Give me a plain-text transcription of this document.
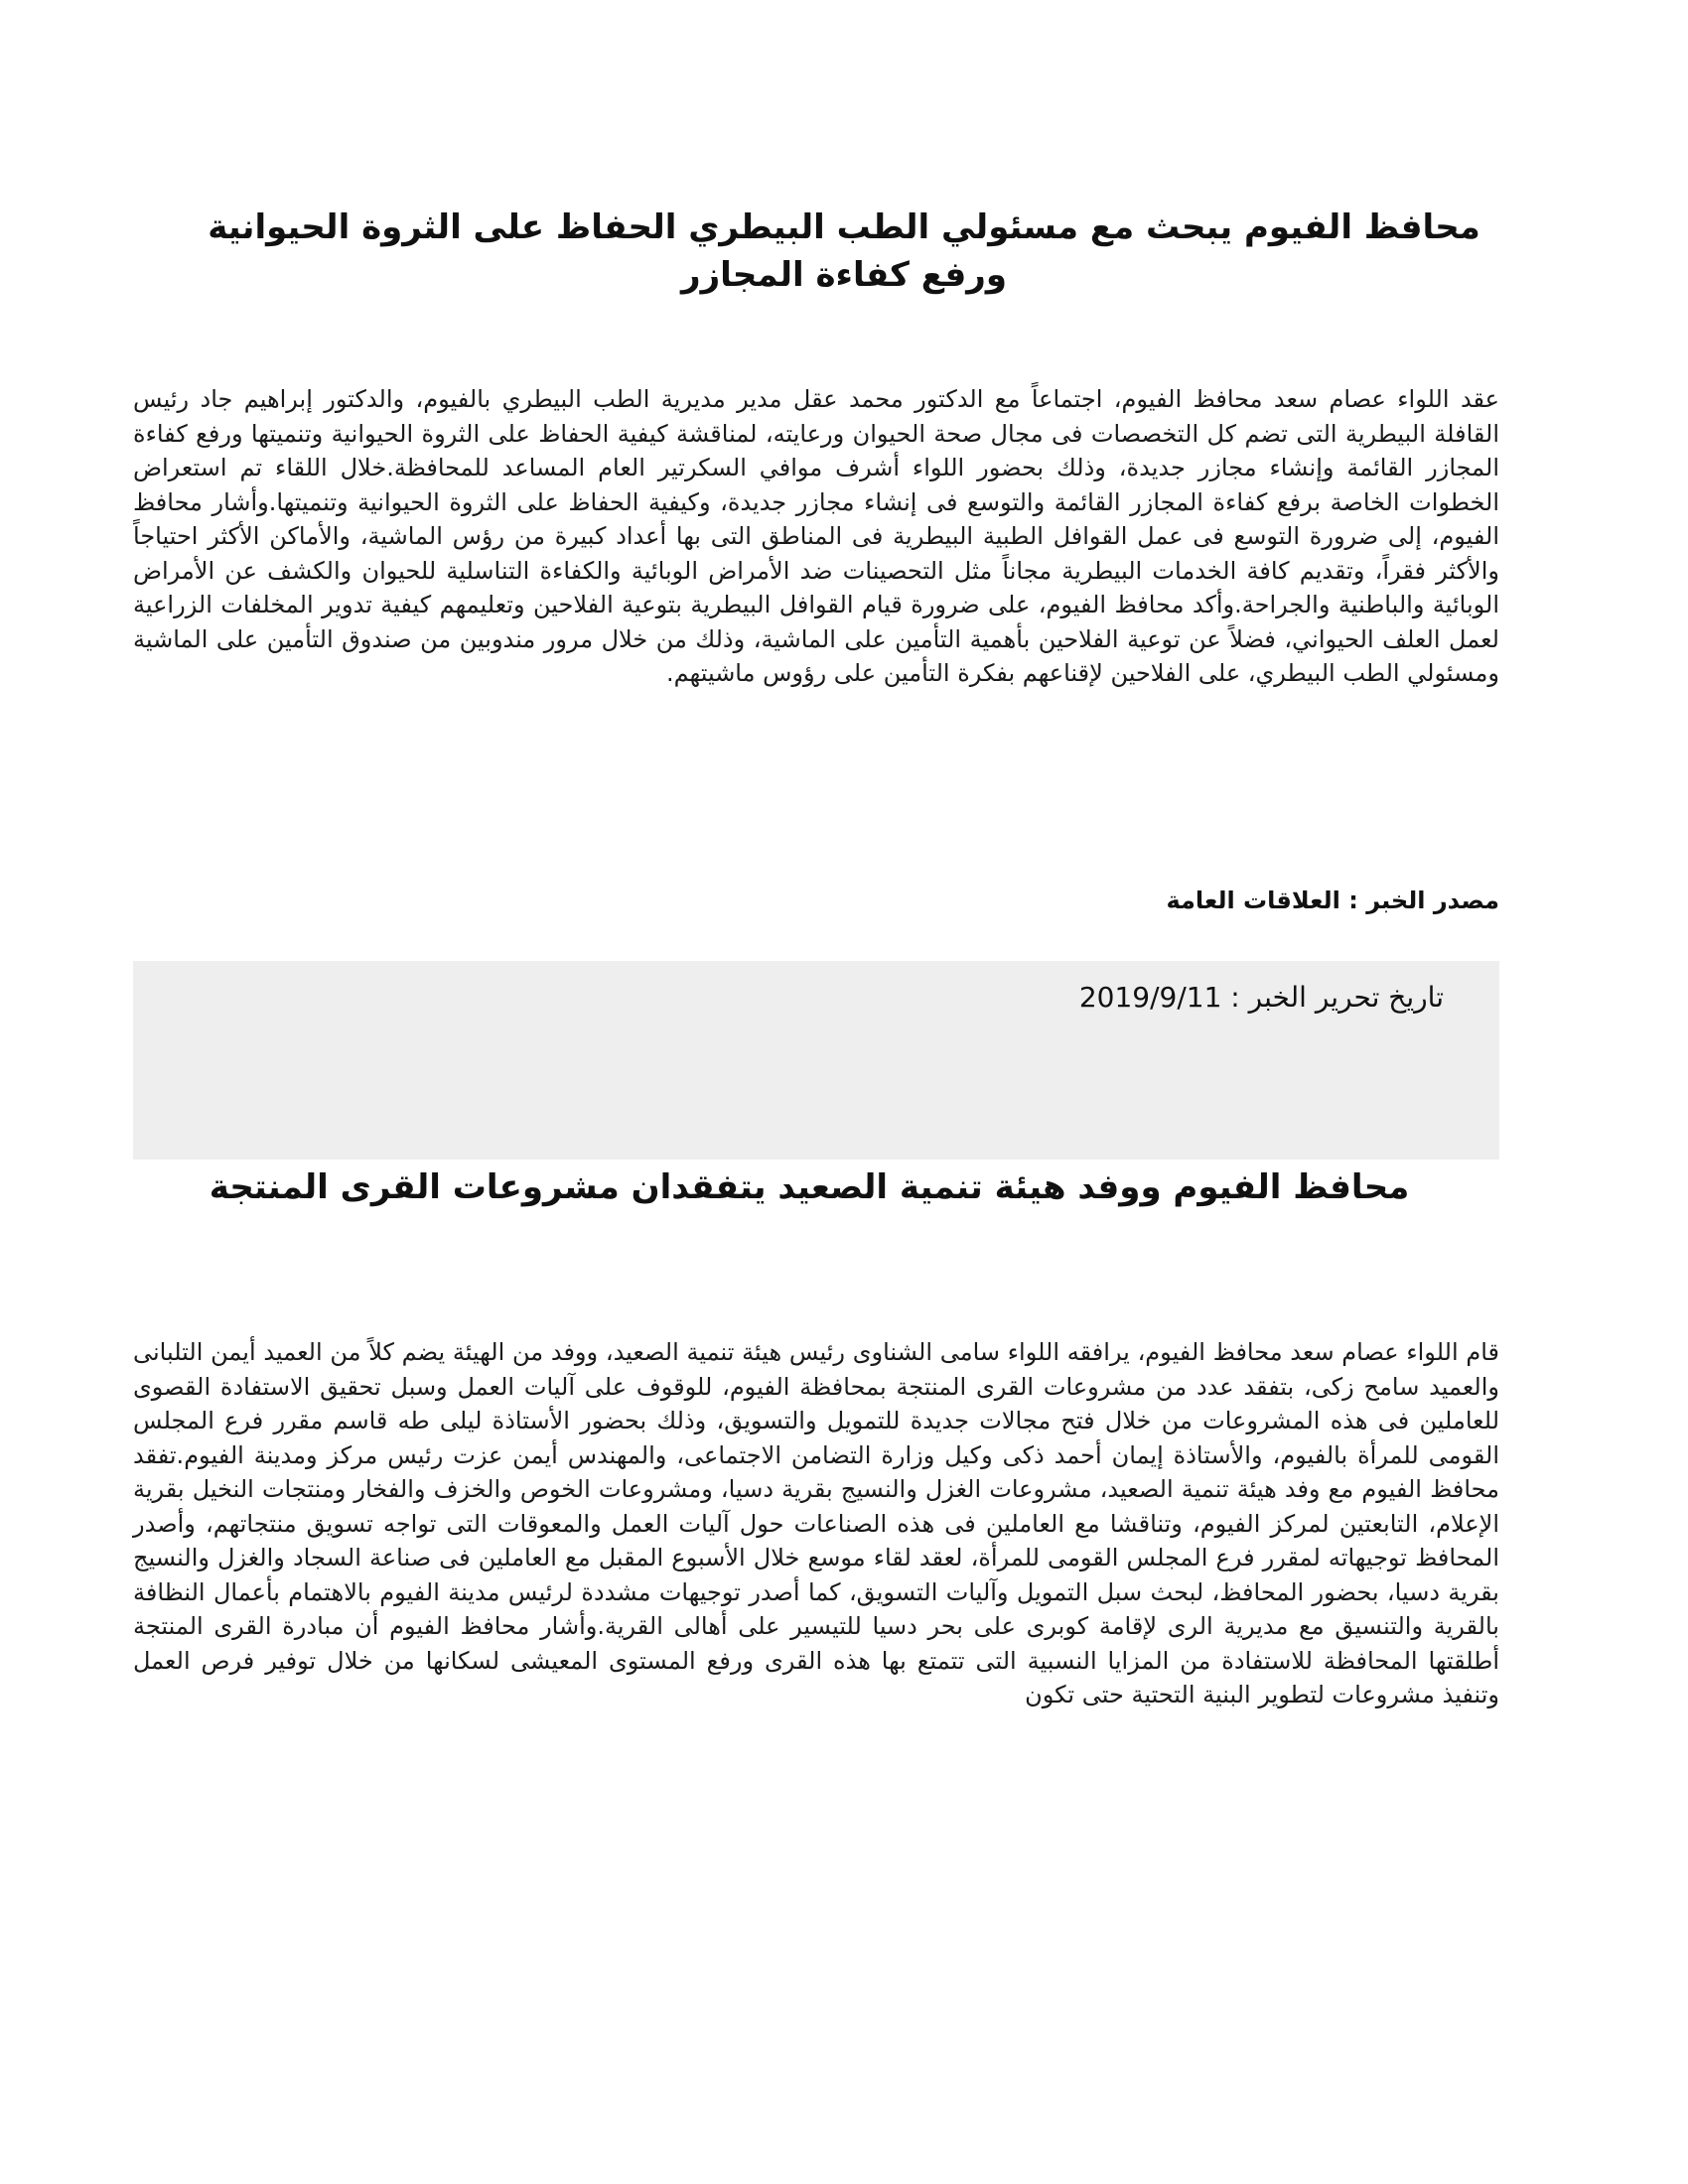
محافظ الفيوم يبحث مع مسئولي الطب البيطري الحفاظ على الثروة الحيوانية ورفع كفاءة المجازر

عقد اللواء عصام سعد محافظ الفيوم، اجتماعاً مع الدكتور محمد عقل مدير مديرية الطب البيطري بالفيوم، والدكتور إبراهيم جاد رئيس القافلة البيطرية التى تضم كل التخصصات فى مجال صحة الحيوان ورعايته، لمناقشة كيفية الحفاظ على الثروة الحيوانية وتنميتها ورفع كفاءة المجازر القائمة وإنشاء مجازر جديدة، وذلك بحضور اللواء أشرف موافي السكرتير العام المساعد للمحافظة.خلال اللقاء تم استعراض الخطوات الخاصة برفع كفاءة المجازر القائمة والتوسع فى إنشاء مجازر جديدة، وكيفية الحفاظ على الثروة الحيوانية وتنميتها.وأشار محافظ الفيوم، إلى ضرورة التوسع فى عمل القوافل الطبية البيطرية فى المناطق التى بها أعداد كبيرة من رؤس الماشية، والأماكن الأكثر احتياجاً والأكثر فقراً، وتقديم كافة الخدمات البيطرية مجاناً مثل التحصينات ضد الأمراض الوبائية والكفاءة التناسلية للحيوان والكشف عن الأمراض الوبائية والباطنية والجراحة.وأكد محافظ الفيوم، على ضرورة قيام القوافل البيطرية بتوعية الفلاحين وتعليمهم كيفية تدوير المخلفات الزراعية لعمل العلف الحيواني، فضلاً عن توعية الفلاحين بأهمية التأمين على الماشية، وذلك من خلال مرور مندوبين من صندوق التأمين على الماشية ومسئولي الطب البيطري، على الفلاحين لإقناعهم بفكرة التأمين على رؤوس ماشيتهم.

مصدر الخبر : العلاقات العامة

تاريخ تحرير الخبر : 2019/9/11

محافظ الفيوم ووفد هيئة تنمية الصعيد يتفقدان مشروعات القرى المنتجة

قام اللواء عصام سعد محافظ الفيوم، يرافقه اللواء سامى الشناوى رئيس هيئة تنمية الصعيد، ووفد من الهيئة يضم كلاً من العميد أيمن التلبانى والعميد سامح زكى، بتفقد عدد من مشروعات القرى المنتجة بمحافظة الفيوم، للوقوف على آليات العمل وسبل تحقيق الاستفادة القصوى للعاملين فى هذه المشروعات من خلال فتح مجالات جديدة للتمويل والتسويق، وذلك بحضور الأستاذة ليلى طه قاسم مقرر فرع المجلس القومى للمرأة بالفيوم، والأستاذة إيمان أحمد ذكى وكيل وزارة التضامن الاجتماعى، والمهندس أيمن عزت رئيس مركز ومدينة الفيوم.تفقد محافظ الفيوم مع وفد هيئة تنمية الصعيد، مشروعات الغزل والنسيج بقرية دسيا، ومشروعات الخوص والخزف والفخار ومنتجات النخيل بقرية الإعلام، التابعتين لمركز الفيوم، وتناقشا مع العاملين فى هذه الصناعات حول آليات العمل والمعوقات التى تواجه تسويق منتجاتهم، وأصدر المحافظ توجيهاته لمقرر فرع المجلس القومى للمرأة، لعقد لقاء موسع خلال الأسبوع المقبل مع العاملين فى صناعة السجاد والغزل والنسيج بقرية دسيا، بحضور المحافظ، لبحث سبل التمويل وآليات التسويق، كما أصدر توجيهات مشددة لرئيس مدينة الفيوم بالاهتمام بأعمال النظافة بالقرية والتنسيق مع مديرية الرى لإقامة كوبرى على بحر دسيا للتيسير على أهالى القرية.وأشار محافظ الفيوم أن مبادرة القرى المنتجة أطلقتها المحافظة للاستفادة من المزايا النسبية التى تتمتع بها هذه القرى ورفع المستوى المعيشى لسكانها من خلال توفير فرص العمل وتنفيذ مشروعات لتطوير البنية التحتية حتى تكون
